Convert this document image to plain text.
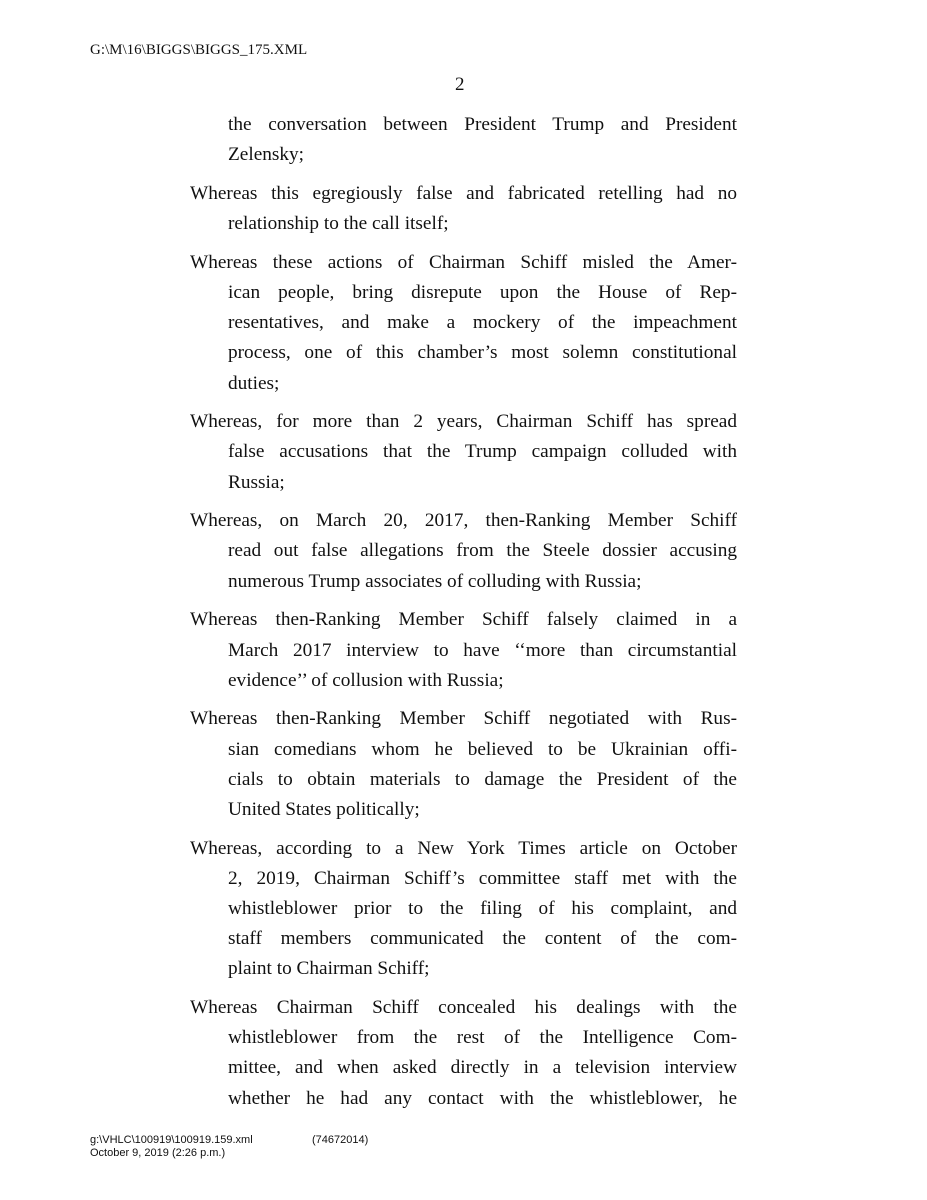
G:\M\16\BIGGS\BIGGS_175.XML
2
the conversation between President Trump and President
Zelensky;
Whereas this egregiously false and fabricated retelling had no
relationship to the call itself;
Whereas these actions of Chairman Schiff misled the Amer-
ican people, bring disrepute upon the House of Rep-
resentatives, and make a mockery of the impeachment
process, one of this chamber’s most solemn constitutional
duties;
Whereas, for more than 2 years, Chairman Schiff has spread
false accusations that the Trump campaign colluded with
Russia;
Whereas, on March 20, 2017, then-Ranking Member Schiff
read out false allegations from the Steele dossier accusing
numerous Trump associates of colluding with Russia;
Whereas then-Ranking Member Schiff falsely claimed in a
March 2017 interview to have ‘‘more than circumstantial
evidence’’ of collusion with Russia;
Whereas then-Ranking Member Schiff negotiated with Rus-
sian comedians whom he believed to be Ukrainian offi-
cials to obtain materials to damage the President of the
United States politically;
Whereas, according to a New York Times article on October
2, 2019, Chairman Schiff’s committee staff met with the
whistleblower prior to the filing of his complaint, and
staff members communicated the content of the com-
plaint to Chairman Schiff;
Whereas Chairman Schiff concealed his dealings with the
whistleblower from the rest of the Intelligence Com-
mittee, and when asked directly in a television interview
whether he had any contact with the whistleblower, he
g:\VHLC\100919\100919.159.xml	(74672014)
October 9, 2019 (2:26 p.m.)
